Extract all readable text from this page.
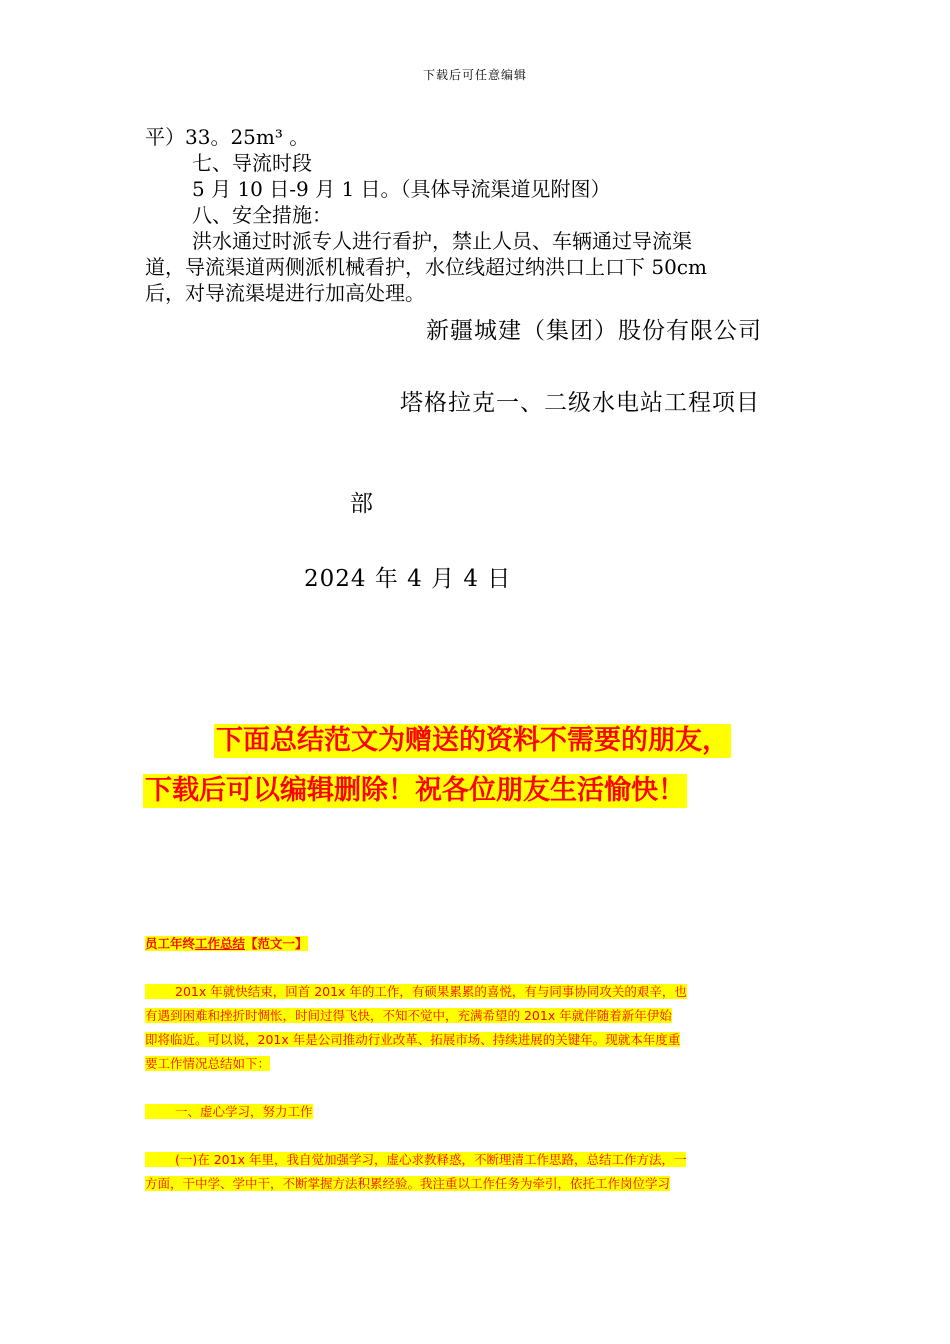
下载后可任意编辑
平）33。25m³ 。
七、导流时段
5 月 10 日-9 月 1 日。（具体导流渠道见附图）
八、安全措施：
洪水通过时派专人进行看护，禁止人员、车辆通过导流渠
道，导流渠道两侧派机械看护，水位线超过纳洪口上口下 50cm
后，对导流渠堤进行加高处理。
新疆城建（集团）股份有限公司
塔格拉克一、二级水电站工程项目
部
2024 年 4 月 4 日
下面总结范文为赠送的资料不需要的朋友，
下载后可以编辑删除！祝各位朋友生活愉快！
员工年终工作总结【范文一】
201x 年就快结束，回首 201x 年的工作，有硕果累累的喜悦，有与同事协同攻关的艰辛，也
有遇到困难和挫折时惆怅，时间过得飞快，不知不觉中，充满希望的 201x 年就伴随着新年伊始
即将临近。可以说，201x 年是公司推动行业改革、拓展市场、持续进展的关键年。现就本年度重
要工作情况总结如下：
一、虚心学习，努力工作
(一)在 201x 年里，我自觉加强学习，虚心求教释惑，不断理清工作思路，总结工作方法，一
方面，干中学、学中干，不断掌握方法积累经验。我注重以工作任务为牵引，依托工作岗位学习
